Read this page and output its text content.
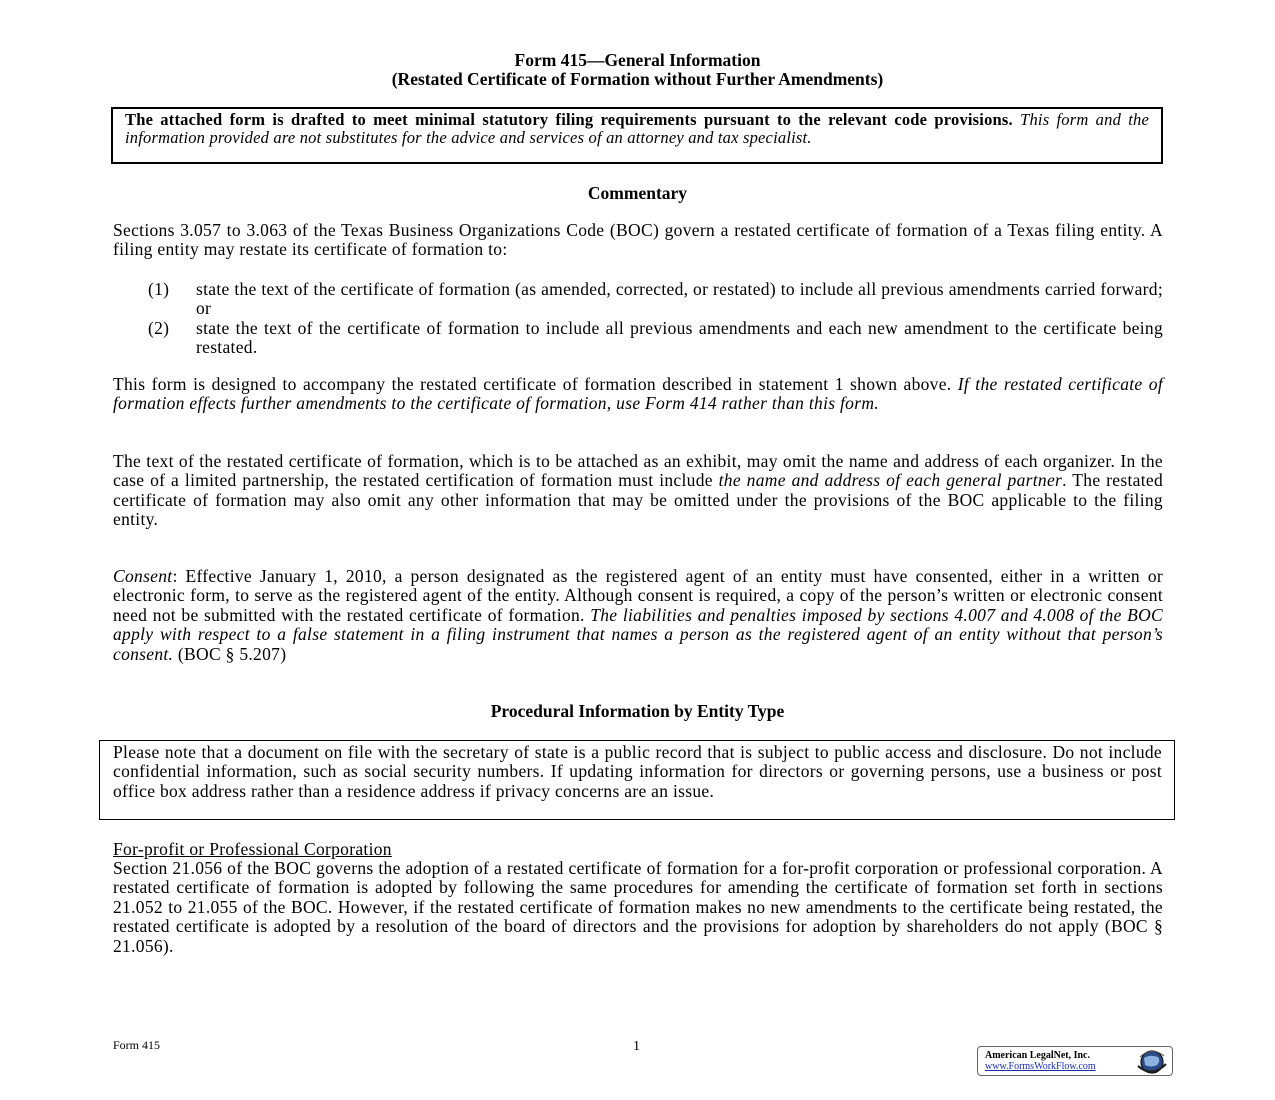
Form 415—General Information
(Restated Certificate of Formation without Further Amendments)
The attached form is drafted to meet minimal statutory filing requirements pursuant to the relevant code provisions. This form and the information provided are not substitutes for the advice and services of an attorney and tax specialist.
Commentary
Sections 3.057 to 3.063 of the Texas Business Organizations Code (BOC) govern a restated certificate of formation of a Texas filing entity. A filing entity may restate its certificate of formation to:
(1)	state the text of the certificate of formation (as amended, corrected, or restated) to include all previous amendments carried forward; or
(2)	state the text of the certificate of formation to include all previous amendments and each new amendment to the certificate being restated.
This form is designed to accompany the restated certificate of formation described in statement 1 shown above. If the restated certificate of formation effects further amendments to the certificate of formation, use Form 414 rather than this form.
The text of the restated certificate of formation, which is to be attached as an exhibit, may omit the name and address of each organizer. In the case of a limited partnership, the restated certification of formation must include the name and address of each general partner. The restated certificate of formation may also omit any other information that may be omitted under the provisions of the BOC applicable to the filing entity.
Consent: Effective January 1, 2010, a person designated as the registered agent of an entity must have consented, either in a written or electronic form, to serve as the registered agent of the entity. Although consent is required, a copy of the person’s written or electronic consent need not be submitted with the restated certificate of formation. The liabilities and penalties imposed by sections 4.007 and 4.008 of the BOC apply with respect to a false statement in a filing instrument that names a person as the registered agent of an entity without that person’s consent. (BOC § 5.207)
Procedural Information by Entity Type
Please note that a document on file with the secretary of state is a public record that is subject to public access and disclosure. Do not include confidential information, such as social security numbers. If updating information for directors or governing persons, use a business or post office box address rather than a residence address if privacy concerns are an issue.
For-profit or Professional Corporation
Section 21.056 of the BOC governs the adoption of a restated certificate of formation for a for-profit corporation or professional corporation. A restated certificate of formation is adopted by following the same procedures for amending the certificate of formation set forth in sections 21.052 to 21.055 of the BOC. However, if the restated certificate of formation makes no new amendments to the certificate being restated, the restated certificate is adopted by a resolution of the board of directors and the provisions for adoption by shareholders do not apply (BOC § 21.056).
Form 415	1
American LegalNet, Inc.
www.FormsWorkFlow.com
